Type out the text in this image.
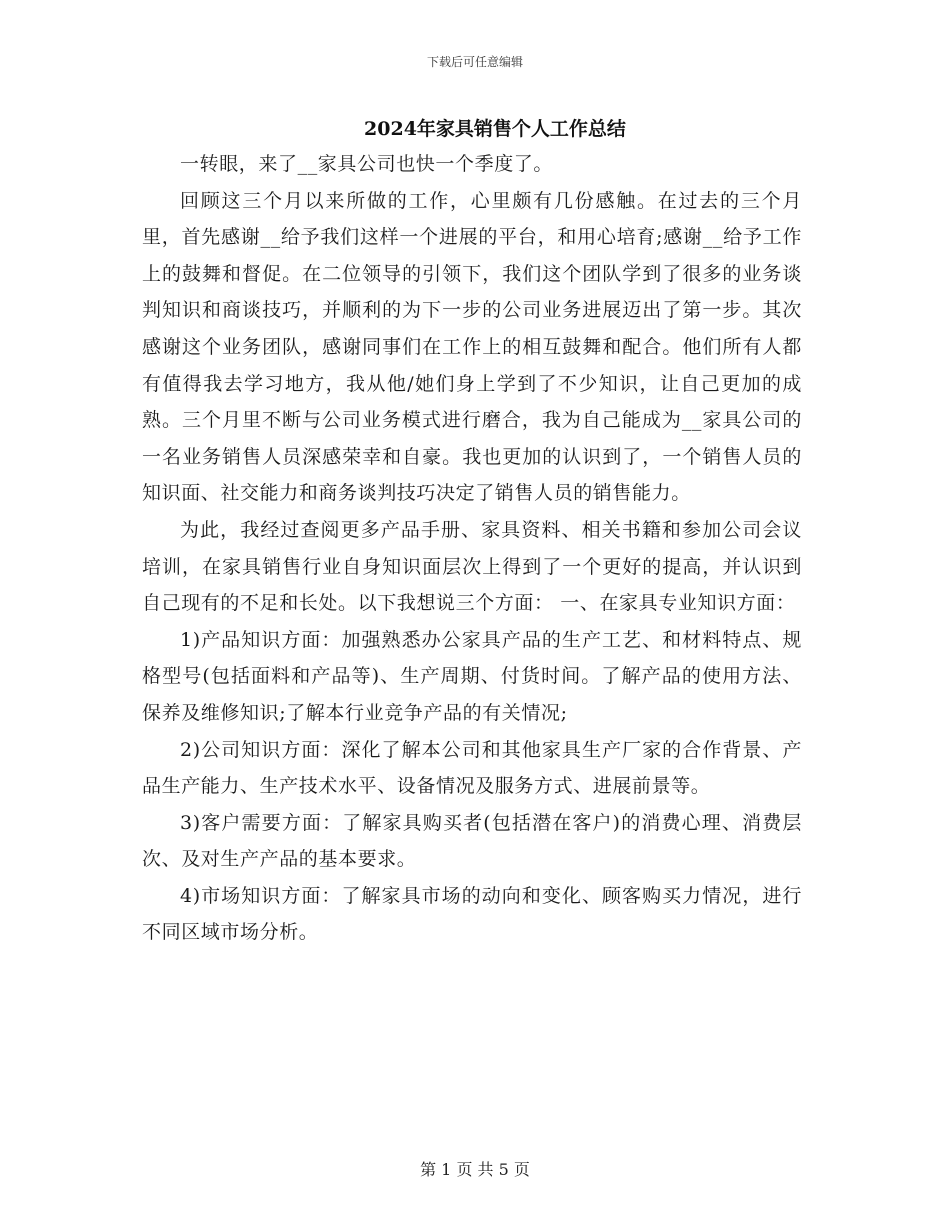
下载后可任意编辑
2024年家具销售个人工作总结

一转眼，来了__家具公司也快一个季度了。

回顾这三个月以来所做的工作，心里颇有几份感触。在过去的三个月里，首先感谢__给予我们这样一个进展的平台，和用心培育;感谢__给予工作上的鼓舞和督促。在二位领导的引领下，我们这个团队学到了很多的业务谈判知识和商谈技巧，并顺利的为下一步的公司业务进展迈出了第一步。其次感谢这个业务团队，感谢同事们在工作上的相互鼓舞和配合。他们所有人都有值得我去学习地方，我从他/她们身上学到了不少知识，让自己更加的成熟。三个月里不断与公司业务模式进行磨合，我为自己能成为__家具公司的一名业务销售人员深感荣幸和自豪。我也更加的认识到了，一个销售人员的知识面、社交能力和商务谈判技巧决定了销售人员的销售能力。

为此，我经过查阅更多产品手册、家具资料、相关书籍和参加公司会议培训，在家具销售行业自身知识面层次上得到了一个更好的提高，并认识到自己现有的不足和长处。以下我想说三个方面： 一、在家具专业知识方面：

1)产品知识方面：加强熟悉办公家具产品的生产工艺、和材料特点、规格型号(包括面料和产品等)、生产周期、付货时间。了解产品的使用方法、保养及维修知识;了解本行业竞争产品的有关情况;

2)公司知识方面：深化了解本公司和其他家具生产厂家的合作背景、产品生产能力、生产技术水平、设备情况及服务方式、进展前景等。

3)客户需要方面：了解家具购买者(包括潜在客户)的消费心理、消费层次、及对生产产品的基本要求。

4)市场知识方面：了解家具市场的动向和变化、顾客购买力情况，进行不同区域市场分析。

第 1 页 共 5 页
